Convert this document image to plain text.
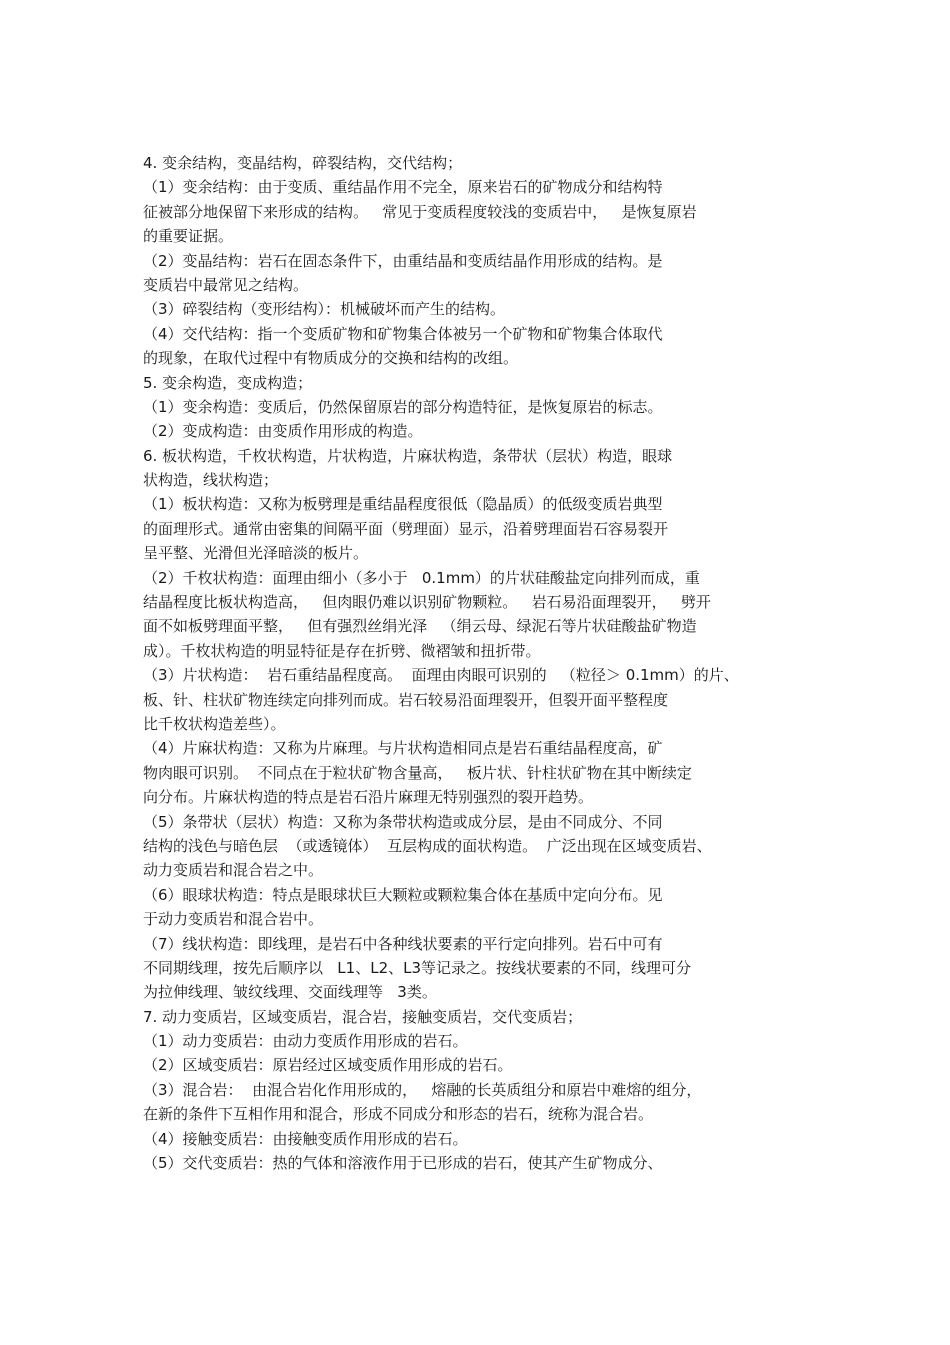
4. 变余结构，变晶结构，碎裂结构，交代结构；
（1）变余结构：由于变质、重结晶作用不完全，原来岩石的矿物成分和结构特
征被部分地保留下来形成的结构。   常见于变质程度较浅的变质岩中，   是恢复原岩
的重要证据。
（2）变晶结构：岩石在固态条件下，由重结晶和变质结晶作用形成的结构。是
变质岩中最常见之结构。
（3）碎裂结构（变形结构）：机械破坏而产生的结构。
（4）交代结构：指一个变质矿物和矿物集合体被另一个矿物和矿物集合体取代
的现象，在取代过程中有物质成分的交换和结构的改组。
5. 变余构造，变成构造；
（1）变余构造：变质后，仍然保留原岩的部分构造特征，是恢复原岩的标志。
（2）变成构造：由变质作用形成的构造。
6. 板状构造，千枚状构造，片状构造，片麻状构造，条带状（层状）构造，眼球
状构造，线状构造；
（1）板状构造：又称为板劈理是重结晶程度很低（隐晶质）的低级变质岩典型
的面理形式。通常由密集的间隔平面（劈理面）显示，沿着劈理面岩石容易裂开
呈平整、光滑但光泽暗淡的板片。
（2）千枚状构造：面理由细小（多小于   0.1mm）的片状硅酸盐定向排列而成，重
结晶程度比板状构造高，   但肉眼仍难以识别矿物颗粒。   岩石易沿面理裂开，   劈开
面不如板劈理面平整，   但有强烈丝绢光泽   （绢云母、绿泥石等片状硅酸盐矿物造
成）。千枚状构造的明显特征是存在折劈、微褶皱和扭折带。
（3）片状构造：  岩石重结晶程度高。  面理由肉眼可识别的   （粒径＞ 0.1mm）的片、
板、针、柱状矿物连续定向排列而成。岩石较易沿面理裂开，但裂开面平整程度
比千枚状构造差些）。
（4）片麻状构造：又称为片麻理。与片状构造相同点是岩石重结晶程度高，矿
物肉眼可识别。  不同点在于粒状矿物含量高，   板片状、针柱状矿物在其中断续定
向分布。片麻状构造的特点是岩石沿片麻理无特别强烈的裂开趋势。
（5）条带状（层状）构造：又称为条带状构造或成分层，是由不同成分、不同
结构的浅色与暗色层  （或透镜体）  互层构成的面状构造。  广泛出现在区域变质岩、
动力变质岩和混合岩之中。
（6）眼球状构造：特点是眼球状巨大颗粒或颗粒集合体在基质中定向分布。见
于动力变质岩和混合岩中。
（7）线状构造：即线理，是岩石中各种线状要素的平行定向排列。岩石中可有
不同期线理，按先后顺序以   L1、L2、L3等记录之。按线状要素的不同，线理可分
为拉伸线理、皱纹线理、交面线理等   3类。
7. 动力变质岩，区域变质岩，混合岩，接触变质岩，交代变质岩；
（1）动力变质岩：由动力变质作用形成的岩石。
（2）区域变质岩：原岩经过区域变质作用形成的岩石。
（3）混合岩：  由混合岩化作用形成的，   熔融的长英质组分和原岩中难熔的组分，
在新的条件下互相作用和混合，形成不同成分和形态的岩石，统称为混合岩。
（4）接触变质岩：由接触变质作用形成的岩石。
（5）交代变质岩：热的气体和溶液作用于已形成的岩石，使其产生矿物成分、
